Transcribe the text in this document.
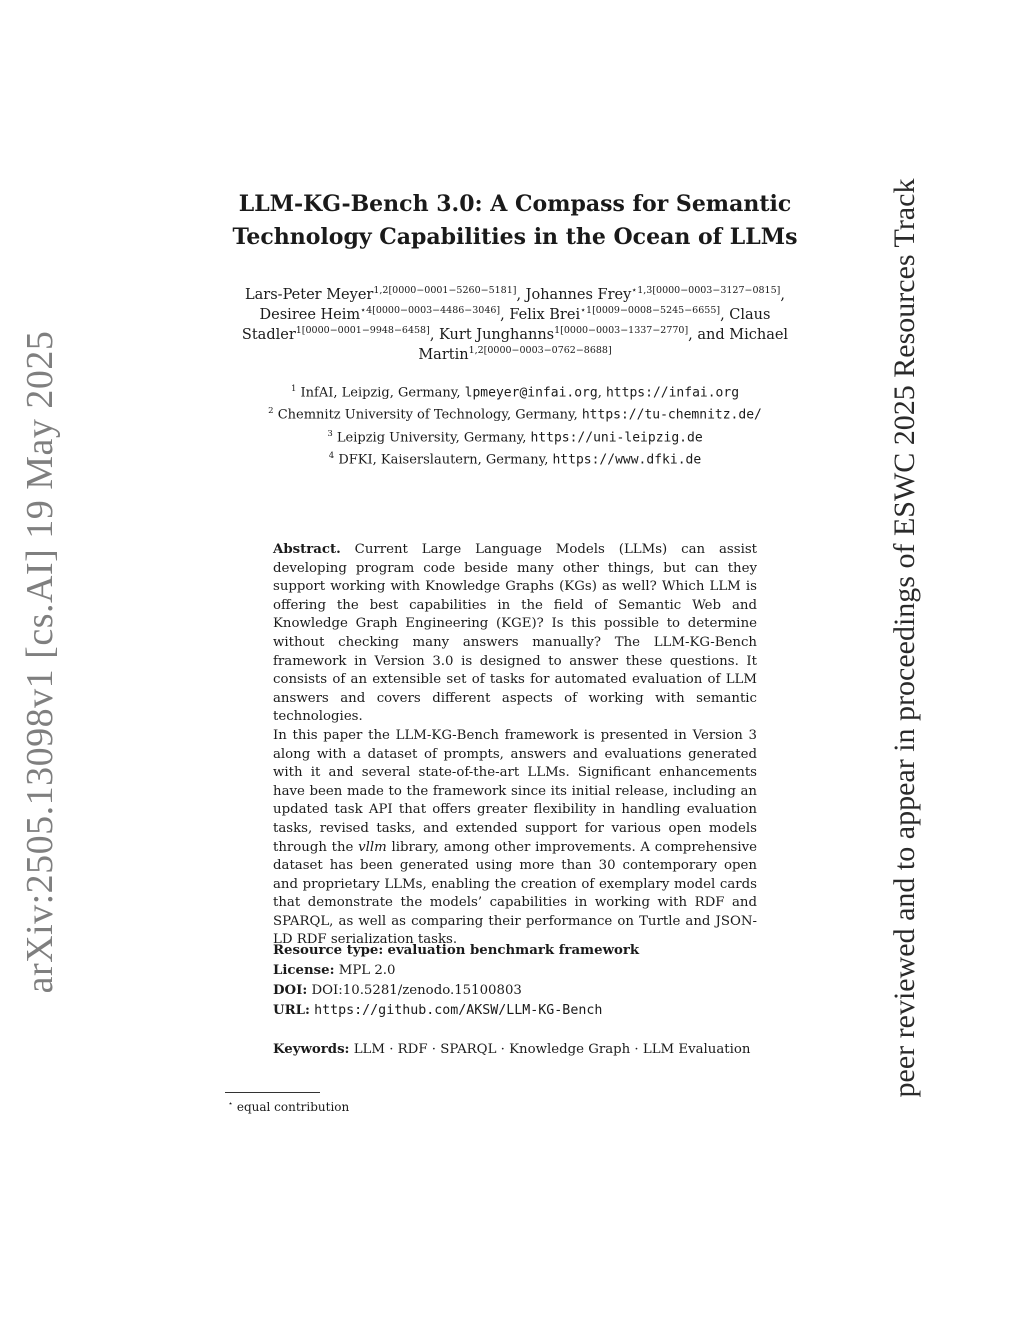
arXiv:2505.13098v1 [cs.AI] 19 May 2025	peer reviewed and to appear in proceedings of ESWC 2025 Resources Track
LLM-KG-Bench 3.0: A Compass for Semantic
Technology Capabilities in the Ocean of LLMs
Lars-Peter Meyer$^{1,2[0000-0001-5260-5181]}$, Johannes Frey$^{⋆1,3[0000-0003-3127-0815]}$, Desiree Heim$^{⋆4[0000-0003-4486-3046]}$, Felix Brei$^{⋆1[0009-0008-5245-6655]}$, Claus Stadler$^{1[0000-0001-9948-6458]}$, Kurt Junghanns$^{1[0000-0003-1337-2770]}$, and Michael Martin$^{1,2[0000-0003-0762-8688]}$
$^1$ InfAI, Leipzig, Germany, lpmeyer@infai.org, https://infai.org
$^2$ Chemnitz University of Technology, Germany, https://tu-chemnitz.de/
$^3$ Leipzig University, Germany, https://uni-leipzig.de
$^4$ DFKI, Kaiserslautern, Germany, https://www.dfki.de

Abstract. Current Large Language Models (LLMs) can assist developing program code beside many other things, but can they support working with Knowledge Graphs (KGs) as well? Which LLM is offering the best capabilities in the field of Semantic Web and Knowledge Graph Engineering (KGE)? Is this possible to determine without checking many answers manually? The LLM-KG-Bench framework in Version 3.0 is designed to answer these questions. It consists of an extensible set of tasks for automated evaluation of LLM answers and covers different aspects of working with semantic technologies.

In this paper the LLM-KG-Bench framework is presented in Version 3 along with a dataset of prompts, answers and evaluations generated with it and several state-of-the-art LLMs. Significant enhancements have been made to the framework since its initial release, including an updated task API that offers greater flexibility in handling evaluation tasks, revised tasks, and extended support for various open models through the vllm library, among other improvements. A comprehensive dataset has been generated using more than 30 contemporary open and proprietary LLMs, enabling the creation of exemplary model cards that demonstrate the models’ capabilities in working with RDF and SPARQL, as well as comparing their performance on Turtle and JSON-LD RDF serialization tasks.

Resource type: evaluation benchmark framework
License: MPL 2.0
DOI: DOI:10.5281/zenodo.15100803
URL: https://github.com/AKSW/LLM-KG-Bench
Keywords: LLM · RDF · SPARQL · Knowledge Graph · LLM Evaluation
⋆ equal contribution
